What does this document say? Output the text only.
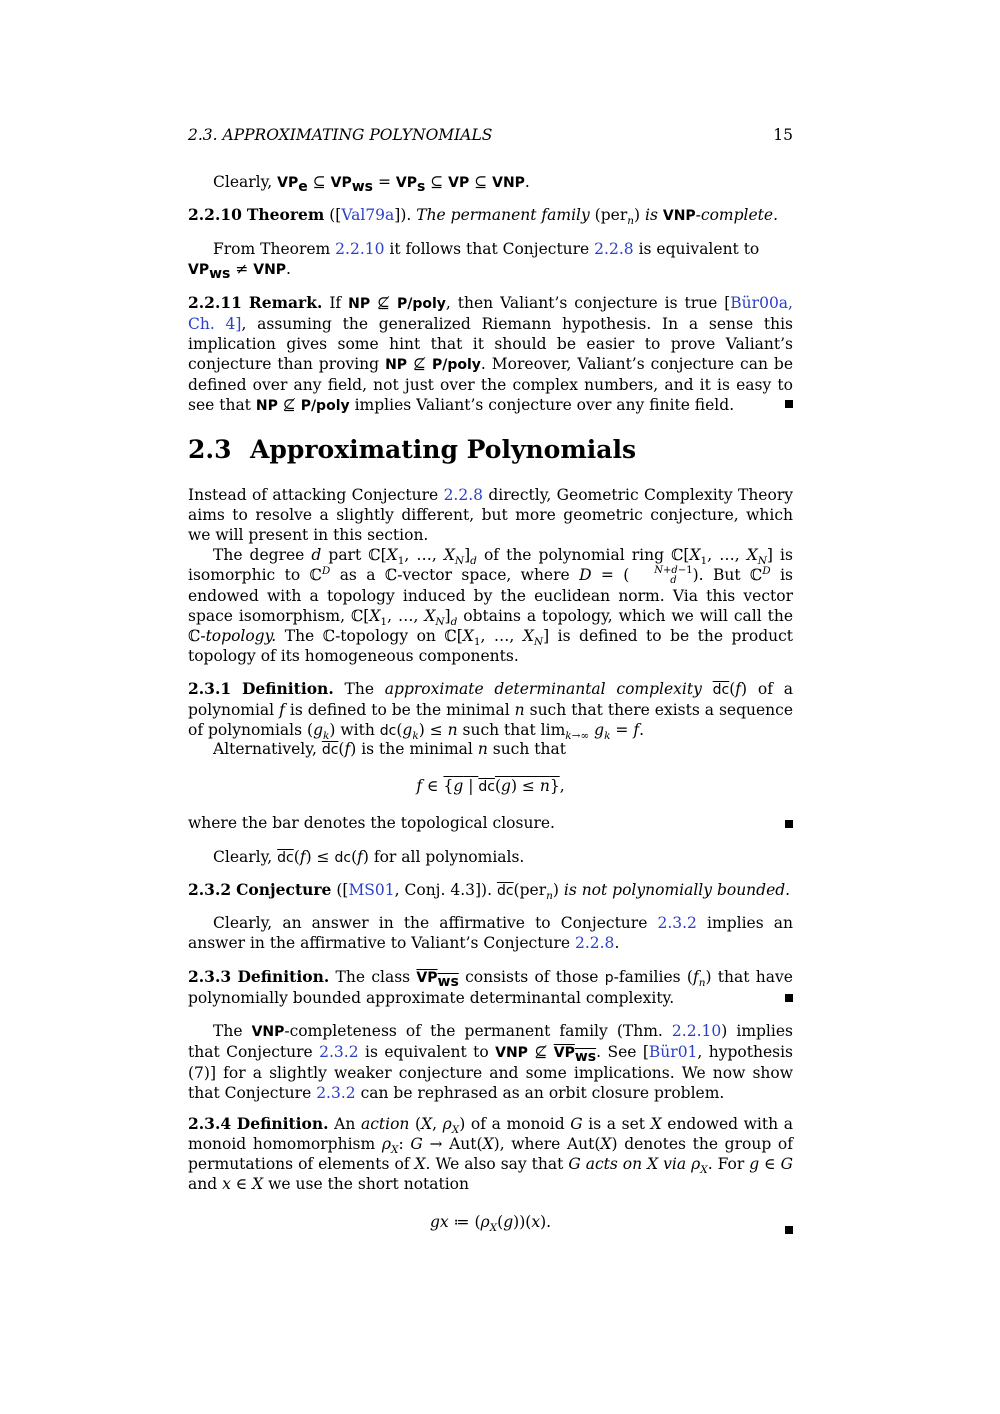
2.3. APPROXIMATING POLYNOMIALS	15
Clearly, $VP_e$ ⊆ $VP_{ws} = VP_s$ ⊆ VP ⊆ VNP.
2.2.10 Theorem ([Val79a]). The permanent family (per$_n$) is VNP-complete.
From Theorem 2.2.10 it follows that Conjecture 2.2.8 is equivalent to
$VP_{ws}$ ≠ VNP.
2.2.11 Remark. If NP ⊈ P/poly, then Valiant’s conjecture is true [Bür00a, Ch. 4], assuming the generalized Riemann hypothesis. In a sense this implication gives some hint that it should be easier to prove Valiant’s conjecture than proving NP ⊈ P/poly. Moreover, Valiant’s conjecture can be defined over any field, not just over the complex numbers, and it is easy to see that NP ⊈ P/poly implies Valiant’s conjecture over any finite field.
2.3 Approximating Polynomials
Instead of attacking Conjecture 2.2.8 directly, Geometric Complexity Theory aims to resolve a slightly different, but more geometric conjecture, which we will present in this section.
The degree d part $ℂ[X_1$, …, $X_N]_d$ of the polynomial ring $ℂ[X_1$, …, $X_N$] is isomorphic to ℂ$^D$ as a ℂ-vector space, where D = (	N+d−1
d	). But ℂ$^D$ is endowed with a topology induced by the euclidean norm. Via this vector space isomorphism, $ℂ[X_1$, …, $X_N]_d$ obtains a topology, which we will call the ℂ-topology. The ℂ-topology on $ℂ[X_1$, …, $X_N$] is defined to be the product topology of its homogeneous components.
2.3.1 Definition. The approximate determinantal complexity $\overline{dc}(f)$ of a polynomial f is defined to be the minimal n such that there exists a sequence of polynomials $(g_k)$ with $dc(g_k) \le n$ such that $\lim_{k\to\infty} g_k = f$.
Alternatively, $\overline{dc}(f)$ is the minimal n such that
f ∈ {g | dc(g) ≤ n},
where the bar denotes the topological closure.
Clearly, $\overline{dc}(f) \le dc(f)$ for all polynomials.
2.3.2 Conjecture ([MS01, Conj. 4.3]). $\overline{dc}(per_n)$ is not polynomially bounded.
Clearly, an answer in the affirmative to Conjecture 2.3.2 implies an answer in the affirmative to Valiant’s Conjecture 2.2.8.
2.3.3 Definition. The class $VP_{ws}$ consists of those p-families $(f_n)$ that have polynomially bounded approximate determinantal complexity.
The VNP-completeness of the permanent family (Thm. 2.2.10) implies that Conjecture 2.3.2 is equivalent to VNP ⊈ $VP_{ws}$. See [Bür01, hypothesis (7)] for a slightly weaker conjecture and some implications. We now show that Conjecture 2.3.2 can be rephrased as an orbit closure problem.
2.3.4 Definition. An action (X, $\rho_X$) of a monoid G is a set X endowed with a monoid homomorphism $\rho_X$: G → Aut(X), where Aut(X) denotes the group of permutations of elements of X. We also say that G acts on X via $\rho_X$. For g ∈ G and x ∈ X we use the short notation
gx ≔ $(\rho_X(g))(x)$.
